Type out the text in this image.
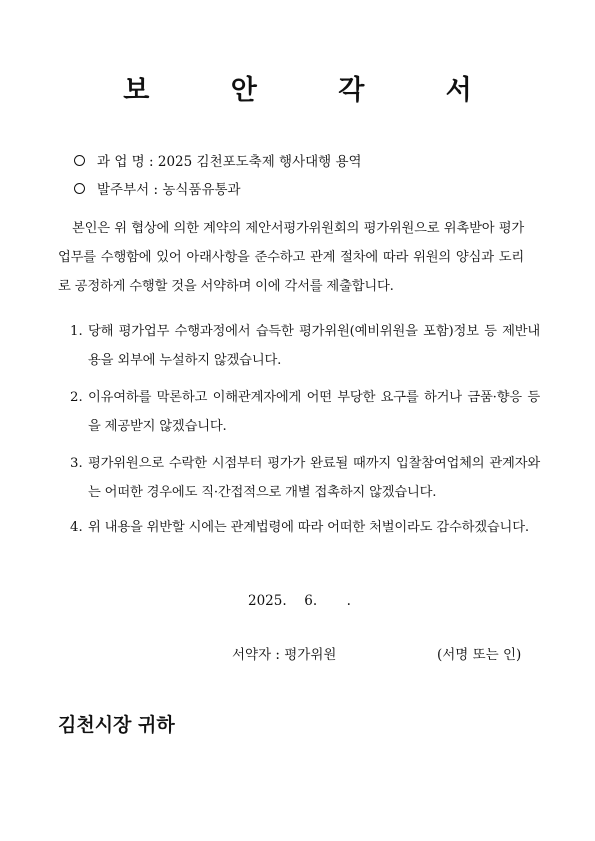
보 안 각 서
과 업 명 : 2025 김천포도축제 행사대행 용역
발주부서 : 농식품유통과
본인은 위 협상에 의한 계약의 제안서평가위원회의 평가위원으로 위촉받아 평가업무를 수행함에 있어 아래사항을 준수하고 관계 절차에 따라 위원의 양심과 도리로 공정하게 수행할 것을 서약하며 이에 각서를 제출합니다.
1. 당해 평가업무 수행과정에서 습득한 평가위원(예비위원을 포함)정보 등 제반내용을 외부에 누설하지 않겠습니다.
2. 이유여하를 막론하고 이해관계자에게 어떤 부당한 요구를 하거나 금품·향응 등을 제공받지 않겠습니다.
3. 평가위원으로 수락한 시점부터 평가가 완료될 때까지 입찰참여업체의 관계자와는 어떠한 경우에도 직·간접적으로 개별 접촉하지 않겠습니다.
4. 위 내용을 위반할 시에는 관계법령에 따라 어떠한 처벌이라도 감수하겠습니다.
2025. 6. .
서약자 : 평가위원	(서명 또는 인)
김천시장 귀하
